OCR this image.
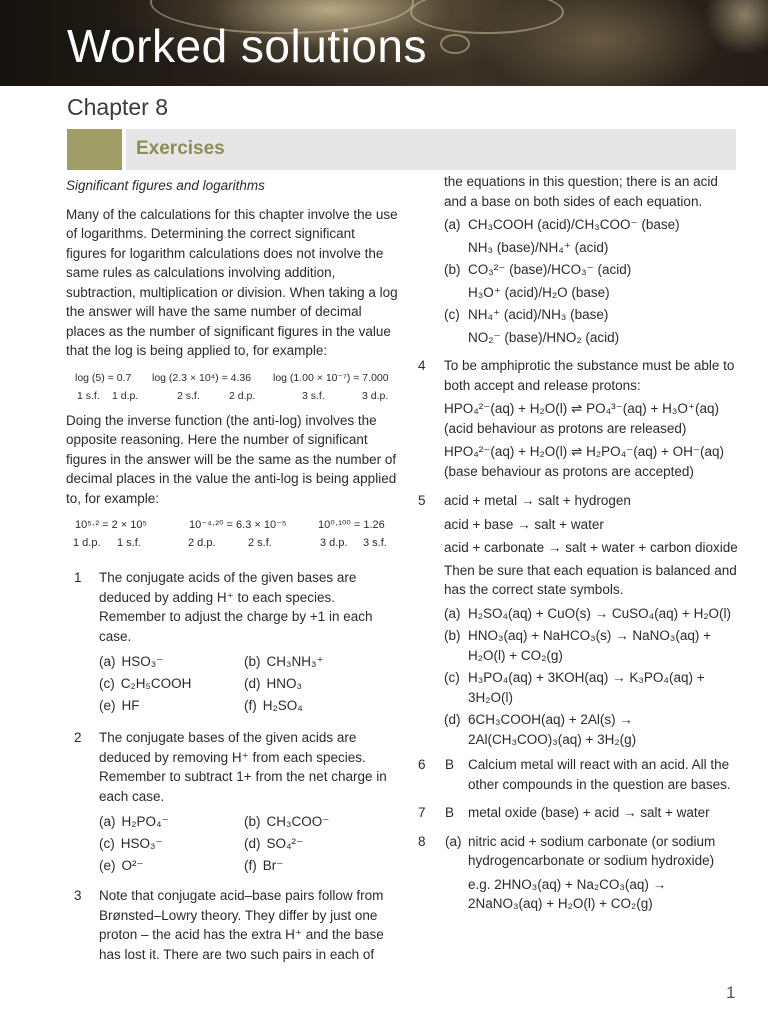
Worked solutions
Chapter 8
Exercises

Significant figures and logarithms

Many of the calculations for this chapter involve the use of logarithms. Determining the correct significant figures for logarithm calculations does not involve the same rules as calculations involving addition, subtraction, multiplication or division. When taking a log the answer will have the same number of decimal places as the number of significant figures in the value that the log is being applied to, for example:

log (5) = 0.7 log (2.3 × 10⁴) = 4.36 log (1.00 × 10⁻⁷) = 7.000
1 s.f. 1 d.p.	2 s.f.	2 d.p.	3 s.f.	3 d.p.

Doing the inverse function (the anti-log) involves the opposite reasoning. Here the number of significant figures in the answer will be the same as the number of decimal places in the value the anti-log is being applied to, for example:

10⁵·² = 2 × 10⁵	10⁻⁴·²⁰ = 6.3 × 10⁻⁵	10⁰·¹⁰⁰ = 1.26
1 d.p. 1 s.f.	2 d.p.	2 s.f.	3 d.p. 3 s.f.
1 The conjugate acids of the given bases are deduced by adding H⁺ to each species. Remember to adjust the charge by +1 in each case.

(a) HSO₃⁻	(b) CH₃NH₃⁺
(c) C₂H₅COOH	(d) HNO₃
(e) HF	(f) H₂SO₄
2 The conjugate bases of the given acids are deduced by removing H⁺ from each species. Remember to subtract 1+ from the net charge in each case.

(a) H₂PO₄⁻	(b) CH₃COO⁻
(c) HSO₃⁻	(d) SO₄²⁻
(e) O²⁻	(f) Br⁻
3 Note that conjugate acid–base pairs follow from Brønsted–Lowry theory. They differ by just one proton – the acid has the extra H⁺ and the base has lost it. There are two such pairs in each of

the equations in this question; there is an acid and a base on both sides of each equation.

(a) CH₃COOH (acid)/CH₃COO⁻ (base)

NH₃ (base)/NH₄⁺ (acid)

(b) CO₃²⁻ (base)/HCO₃⁻ (acid)

H₃O⁺ (acid)/H₂O (base)

(c) NH₄⁺ (acid)/NH₃ (base)

NO₂⁻ (base)/HNO₂ (acid)

4 To be amphiprotic the substance must be able to both accept and release protons:

HPO₄²⁻(aq) + H₂O(l) ⇌ PO₄³⁻(aq) + H₃O⁺(aq) (acid behaviour as protons are released)

HPO₄²⁻(aq) + H₂O(l) ⇌ H₂PO₄⁻(aq) + OH⁻(aq) (base behaviour as protons are accepted)

5 acid + metal → salt + hydrogen

acid + base → salt + water

acid + carbonate → salt + water + carbon dioxide

Then be sure that each equation is balanced and has the correct state symbols.

(a) H₂SO₄(aq) + CuO(s) → CuSO₄(aq) + H₂O(l)

(b) HNO₃(aq) + NaHCO₃(s) → NaNO₃(aq) + H₂O(l) + CO₂(g)

(c) H₃PO₄(aq) + 3KOH(aq) → K₃PO₄(aq) + 3H₂O(l)

(d) 6CH₃COOH(aq) + 2Al(s) → 2Al(CH₃COO)₃(aq) + 3H₂(g)

6 B Calcium metal will react with an acid. All the other compounds in the question are bases.

7 B metal oxide (base) + acid → salt + water

8 (a) nitric acid + sodium carbonate (or sodium hydrogencarbonate or sodium hydroxide)

e.g. 2HNO₃(aq) + Na₂CO₃(aq) → 2NaNO₃(aq) + H₂O(l) + CO₂(g)

1
